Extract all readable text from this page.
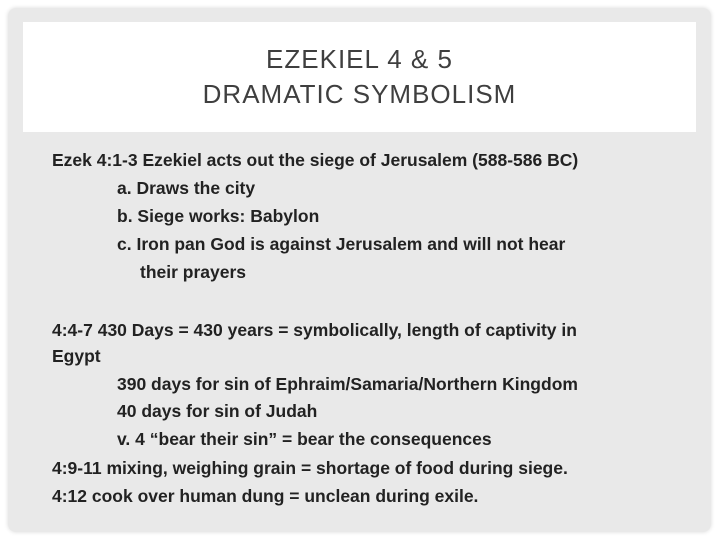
EZEKIEL 4 & 5
DRAMATIC SYMBOLISM
Ezek 4:1-3 Ezekiel acts out the siege of Jerusalem (588-586 BC)
a. Draws the city
b. Siege works: Babylon
c. Iron pan God is against Jerusalem and will not hear
their prayers
4:4-7 430 Days = 430 years = symbolically, length of captivity in
Egypt
390 days for sin of Ephraim/Samaria/Northern Kingdom
40 days for sin of Judah
v. 4 “bear their sin” = bear the consequences
4:9-11 mixing, weighing grain = shortage of food during siege.
4:12 cook over human dung = unclean during exile.
